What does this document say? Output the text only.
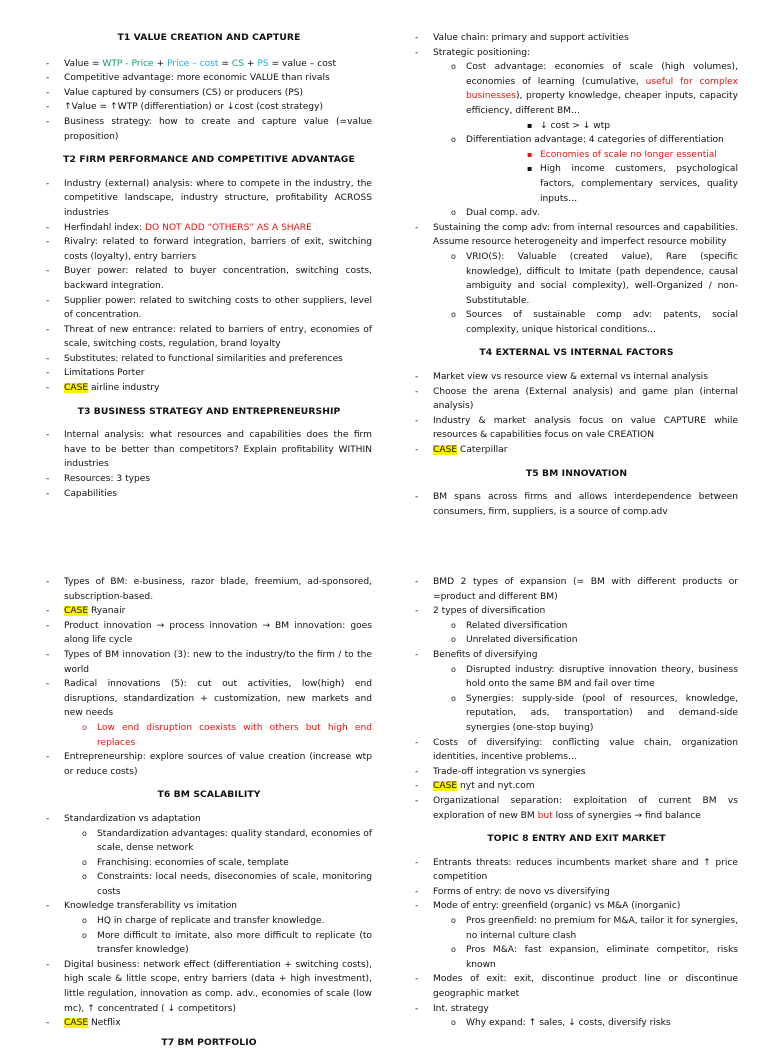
T1 VALUE CREATION AND CAPTURE

- Value = WTP - Price + Price – cost = CS + PS = value – cost
- Competitive advantage: more economic VALUE than rivals
- Value captured by consumers (CS) or producers (PS)
- ↑Value = ↑WTP (differentiation) or ↓cost (cost strategy)
- Business strategy: how to create and capture value (=value proposition)

T2 FIRM PERFORMANCE AND COMPETITIVE ADVANTAGE

- Industry (external) analysis: where to compete in the industry, the competitive landscape, industry structure, profitability ACROSS industries
- Herfindahl index: DO NOT ADD “OTHERS” AS A SHARE
- Rivalry: related to forward integration, barriers of exit, switching costs (loyalty), entry barriers
- Buyer power: related to buyer concentration, switching costs, backward integration.
- Supplier power: related to switching costs to other suppliers, level of concentration.
- Threat of new entrance: related to barriers of entry, economies of scale, switching costs, regulation, brand loyalty
- Substitutes: related to functional similarities and preferences
- Limitations Porter
- CASE airline industry

T3 BUSINESS STRATEGY AND ENTREPRENEURSHIP

- Internal analysis: what resources and capabilities does the firm have to be better than competitors? Explain profitability WITHIN industries
- Resources: 3 types
- Capabilities
- Value chain: primary and support activities
- Strategic positioning:
o Cost advantage: economies of scale (high volumes), economies of learning (cumulative, useful for complex businesses), property knowledge, cheaper inputs, capacity efficiency, different BM…
▪ ↓ cost > ↓ wtp
o Differentiation advantage: 4 categories of differentiation
▪ Economies of scale no longer essential
▪ High income customers, psychological factors, complementary services, quality inputs…
o Dual comp. adv.
- Sustaining the comp adv: from internal resources and capabilities. Assume resource heterogeneity and imperfect resource mobility
o VRIO(S): Valuable (created value), Rare (specific knowledge), difficult to Imitate (path dependence, causal ambiguity and social complexity), well-Organized / non-Substitutable.
o Sources of sustainable comp adv: patents, social complexity, unique historical conditions…

T4 EXTERNAL VS INTERNAL FACTORS

- Market view vs resource view & external vs internal analysis
- Choose the arena (External analysis) and game plan (internal analysis)
- Industry & market analysis focus on value CAPTURE while resources & capabilities focus on vale CREATION
- CASE Caterpillar

T5 BM INNOVATION

- BM spans across firms and allows interdependence between consumers, firm, suppliers, is a source of comp.adv
- Types of BM: e-business, razor blade, freemium, ad-sponsored, subscription-based.
- CASE Ryanair
- Product innovation → process innovation → BM innovation: goes along life cycle
- Types of BM innovation (3): new to the industry/to the firm / to the world
- Radical innovations (5): cut out activities, low(high) end disruptions, standardization + customization, new markets and new needs
o Low end disruption coexists with others but high end replaces
- Entrepreneurship: explore sources of value creation (increase wtp or reduce costs)

T6 BM SCALABILITY

- Standardization vs adaptation
o Standardization advantages: quality standard, economies of scale, dense network
o Franchising: economies of scale, template
o Constraints: local needs, diseconomies of scale, monitoring costs
- Knowledge transferability vs imitation
o HQ in charge of replicate and transfer knowledge.
o More difficult to imitate, also more difficult to replicate (to transfer knowledge)
- Digital business: network effect (differentiation + switching costs), high scale & little scope, entry barriers (data + high investment), little regulation, innovation as comp. adv., economies of scale (low mc), ↑ concentrated ( ↓ competitors)
- CASE Netflix

T7 BM PORTFOLIO

- BMD 2 types of expansion (= BM with different products or =product and different BM)
- 2 types of diversification
o Related diversification
o Unrelated diversification
- Benefits of diversifying
o Disrupted industry: disruptive innovation theory, business hold onto the same BM and fail over time
o Synergies: supply-side (pool of resources, knowledge, reputation, ads, transportation) and demand-side synergies (one-stop buying)
- Costs of diversifying: conflicting value chain, organization identities, incentive problems…
- Trade-off integration vs synergies
- CASE nyt and nyt.com
- Organizational separation: exploitation of current BM vs exploration of new BM but loss of synergies → find balance

TOPIC 8 ENTRY AND EXIT MARKET

- Entrants threats: reduces incumbents market share and ↑ price competition
- Forms of entry: de novo vs diversifying
- Mode of entry: greenfield (organic) vs M&A (inorganic)
o Pros greenfield: no premium for M&A, tailor it for synergies, no internal culture clash
o Pros M&A: fast expansion, eliminate competitor, risks known
- Modes of exit: exit, discontinue product line or discontinue geographic market
- Int. strategy
o Why expand: ↑ sales, ↓ costs, diversify risks
